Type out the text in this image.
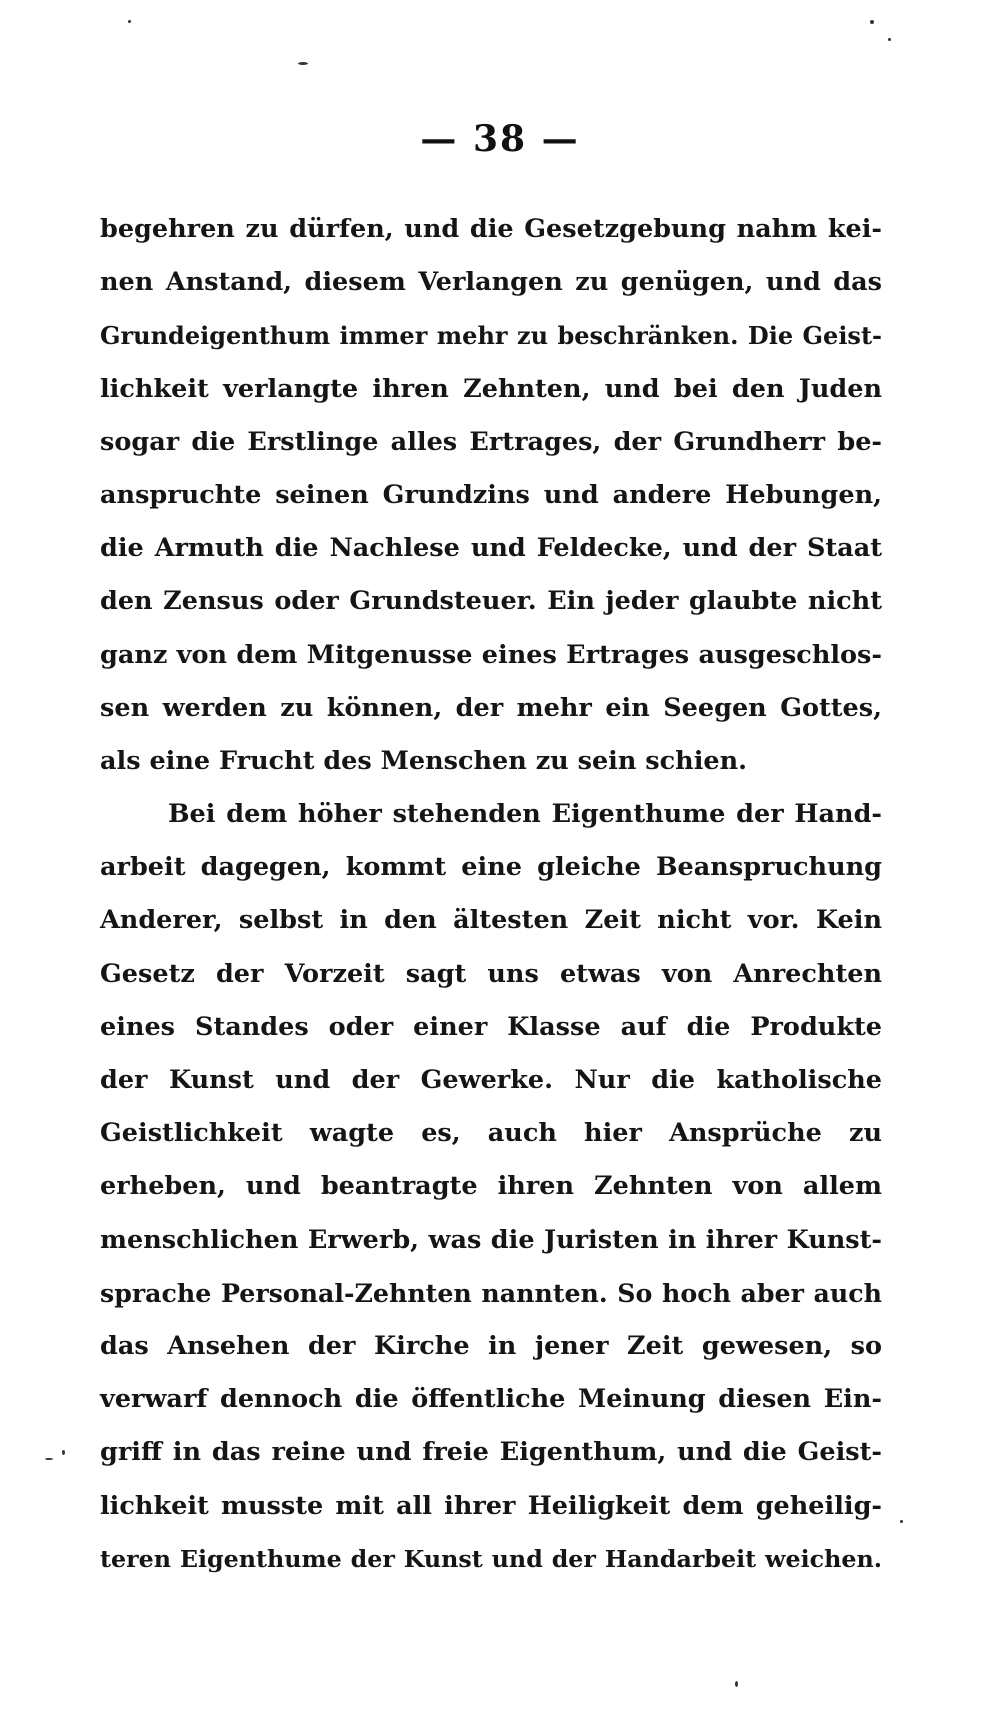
— 38 —
begehren zu dürfen, und die Gesetzgebung nahm kei-
nen Anstand, diesem Verlangen zu genügen, und das
Grundeigenthum immer mehr zu beschränken. Die Geist-
lichkeit verlangte ihren Zehnten, und bei den Juden
sogar die Erstlinge alles Ertrages, der Grundherr be-
anspruchte seinen Grundzins und andere Hebungen,
die Armuth die Nachlese und Feldecke, und der Staat
den Zensus oder Grundsteuer. Ein jeder glaubte nicht
ganz von dem Mitgenusse eines Ertrages ausgeschlos-
sen werden zu können, der mehr ein Seegen Gottes,
als eine Frucht des Menschen zu sein schien.
Bei dem höher stehenden Eigenthume der Hand-
arbeit dagegen, kommt eine gleiche Beanspruchung
Anderer, selbst in den ältesten Zeit nicht vor. Kein
Gesetz der Vorzeit sagt uns etwas von Anrechten
eines Standes oder einer Klasse auf die Produkte
der Kunst und der Gewerke. Nur die katholische
Geistlichkeit wagte es, auch hier Ansprüche zu
erheben, und beantragte ihren Zehnten von allem
menschlichen Erwerb, was die Juristen in ihrer Kunst-
sprache Personal-Zehnten nannten. So hoch aber auch
das Ansehen der Kirche in jener Zeit gewesen, so
verwarf dennoch die öffentliche Meinung diesen Ein-
griff in das reine und freie Eigenthum, und die Geist-
lichkeit musste mit all ihrer Heiligkeit dem geheilig-
teren Eigenthume der Kunst und der Handarbeit weichen.
